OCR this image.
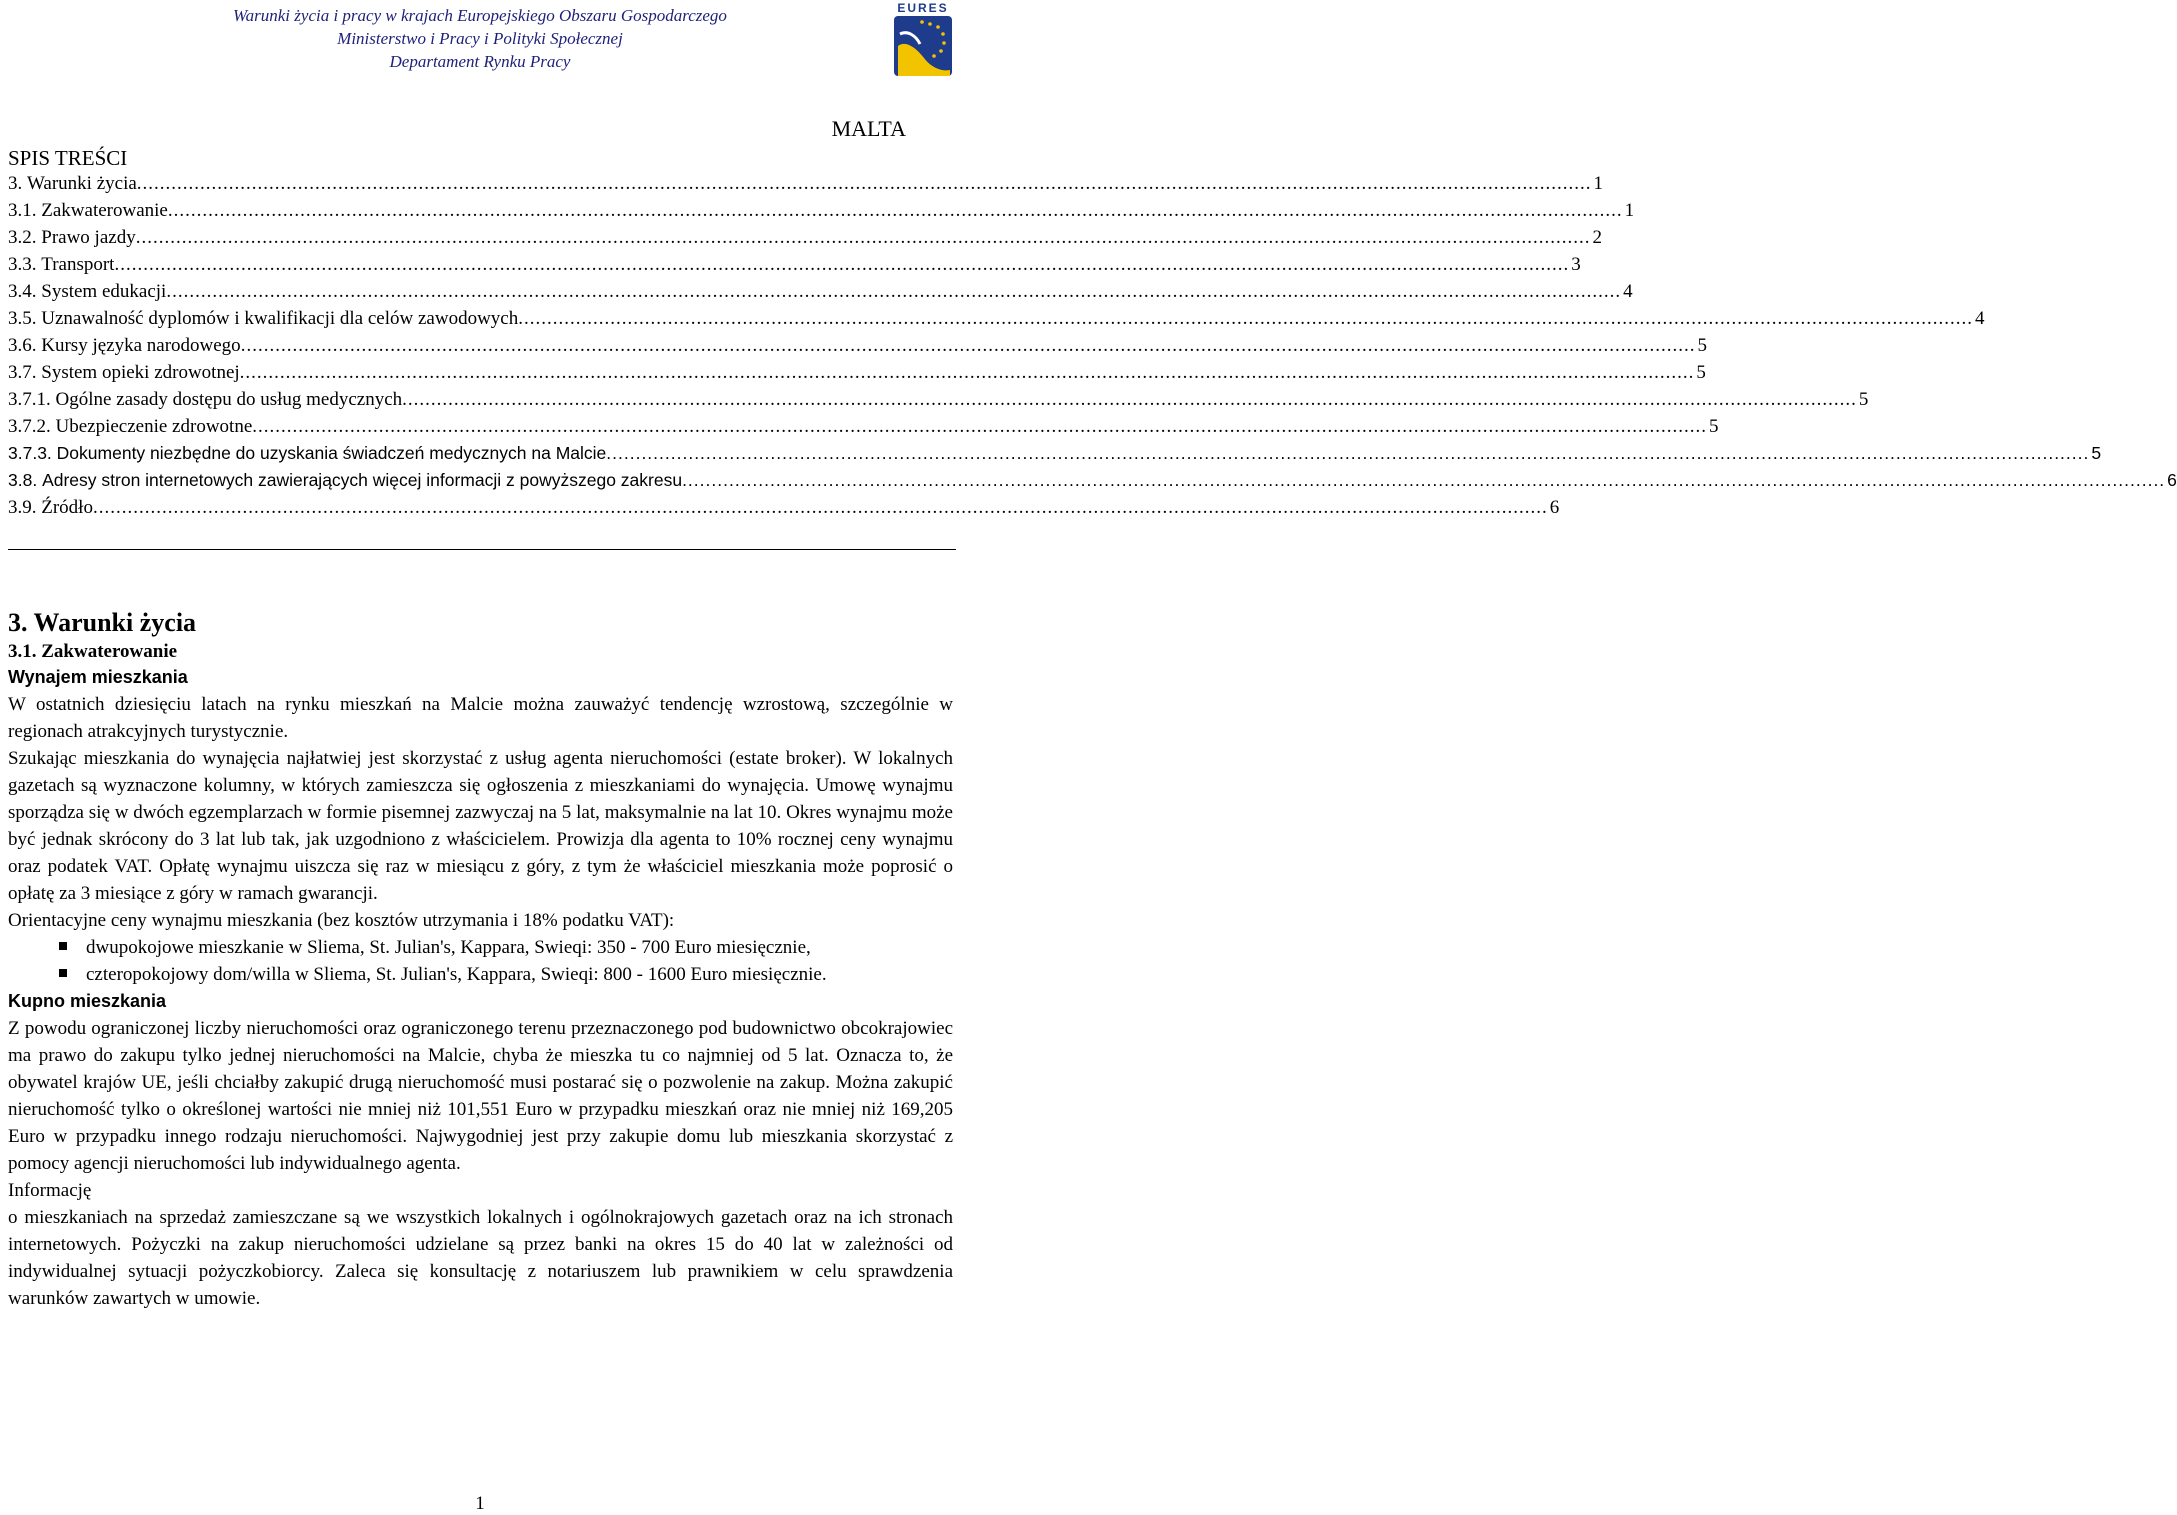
Warunki życia i pracy w krajach Europejskiego Obszaru Gospodarczego
Ministerstwo i Pracy i Polityki Społecznej
Departament Rynku Pracy
EURES
MALTA
SPIS TREŚCI
3.
Warunki życia ............................................................................................................................................................................................................................................................. 1
3.1.
Zakwaterowanie ............................................................................................................................................................................................................................................................. 1
3.2.
Prawo jazdy ............................................................................................................................................................................................................................................................. 2
3.3.
Transport ............................................................................................................................................................................................................................................................. 3
3.4.
System edukacji ............................................................................................................................................................................................................................................................. 4
3.5.
Uznawalność dyplomów i kwalifikacji dla celów zawodowych ............................................................................................................................................................................................................................................................. 4
3.6.
Kursy języka narodowego ............................................................................................................................................................................................................................................................. 5
3.7.
System opieki zdrowotnej ............................................................................................................................................................................................................................................................. 5
3.7.1.
Ogólne zasady dostępu do usług medycznych ............................................................................................................................................................................................................................................................. 5
3.7.2.
Ubezpieczenie zdrowotne ............................................................................................................................................................................................................................................................. 5
3.7.3.
Dokumenty niezbędne do uzyskania świadczeń medycznych na Malcie ............................................................................................................................................................................................................................................................. 5
3.8.
Adresy stron internetowych zawierających więcej informacji z powyższego zakresu ............................................................................................................................................................................................................................................................. 6
3.9.
Źródło ............................................................................................................................................................................................................................................................. 6
3. Warunki życia
3.1. Zakwaterowanie
Wynajem mieszkania

W ostatnich dziesięciu latach na rynku mieszkań na Malcie można zauważyć tendencję wzrostową, szczególnie w regionach atrakcyjnych turystycznie.

Szukając mieszkania do wynajęcia najłatwiej jest skorzystać z usług agenta nieruchomości (estate broker). W lokalnych gazetach są wyznaczone kolumny, w których zamieszcza się ogłoszenia z mieszkaniami do wynajęcia. Umowę wynajmu sporządza się w dwóch egzemplarzach w formie pisemnej zazwyczaj na 5 lat, maksymalnie na lat 10. Okres wynajmu może być jednak skrócony do 3 lat lub tak, jak uzgodniono z właścicielem. Prowizja dla agenta to 10% rocznej ceny wynajmu oraz podatek VAT. Opłatę wynajmu uiszcza się raz w miesiącu z góry, z tym że właściciel mieszkania może poprosić o opłatę za 3 miesiące z góry w ramach gwarancji.

Orientacyjne ceny wynajmu mieszkania (bez kosztów utrzymania i 18% podatku VAT):

dwupokojowe mieszkanie w Sliema, St. Julian's, Kappara, Swieqi: 350 - 700 Euro miesięcznie,
czteropokojowy dom/willa w Sliema, St. Julian's, Kappara, Swieqi: 800 - 1600 Euro miesięcznie.
Kupno mieszkania

Z powodu ograniczonej liczby nieruchomości oraz ograniczonego terenu przeznaczonego pod budownictwo obcokrajowiec ma prawo do zakupu tylko jednej nieruchomości na Malcie, chyba że mieszka tu co najmniej od 5 lat. Oznacza to, że obywatel krajów UE, jeśli chciałby zakupić drugą nieruchomość musi postarać się o pozwolenie na zakup. Można zakupić nieruchomość tylko o określonej wartości nie mniej niż 101,551 Euro w przypadku mieszkań oraz nie mniej niż 169,205 Euro w przypadku innego rodzaju nieruchomości. Najwygodniej jest przy zakupie domu lub mieszkania skorzystać z pomocy agencji nieruchomości lub indywidualnego agenta.

Informację

o mieszkaniach na sprzedaż zamieszczane są we wszystkich lokalnych i ogólnokrajowych gazetach oraz na ich stronach internetowych. Pożyczki na zakup nieruchomości udzielane są przez banki na okres 15 do 40 lat w zależności od indywidualnej sytuacji pożyczkobiorcy. Zaleca się konsultację z notariuszem lub prawnikiem w celu sprawdzenia warunków zawartych w umowie.

1
